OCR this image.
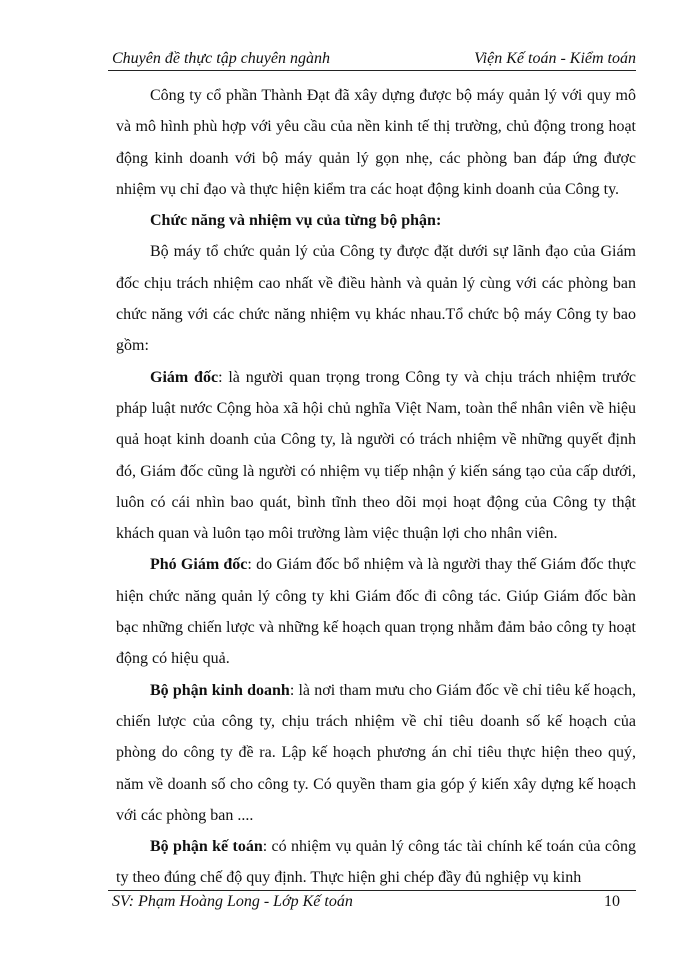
Chuyên đề thực tập chuyên ngành	Viện Kế toán - Kiểm toán

Công ty cổ phần Thành Đạt đã xây dựng được bộ máy quản lý với quy mô và mô hình phù hợp với yêu cầu của nền kinh tế thị trường, chủ động trong hoạt động kinh doanh với bộ máy quản lý gọn nhẹ, các phòng ban đáp ứng được nhiệm vụ chỉ đạo và thực hiện kiểm tra các hoạt động kinh doanh của Công ty.

Chức năng và nhiệm vụ của từng bộ phận:

Bộ máy tổ chức quản lý của Công ty được đặt dưới sự lãnh đạo của Giám đốc chịu trách nhiệm cao nhất về điều hành và quản lý cùng với các phòng ban chức năng với các chức năng nhiệm vụ khác nhau.Tổ chức bộ máy Công ty bao gồm:

Giám đốc: là người quan trọng trong Công ty và chịu trách nhiệm trước pháp luật nước Cộng hòa xã hội chủ nghĩa Việt Nam, toàn thể nhân viên về hiệu quả hoạt kinh doanh của Công ty, là người có trách nhiệm về những quyết định đó, Giám đốc cũng là người có nhiệm vụ tiếp nhận ý kiến sáng tạo của cấp dưới, luôn có cái nhìn bao quát, bình tĩnh theo dõi mọi hoạt động của Công ty thật khách quan và luôn tạo môi trường làm việc thuận lợi cho nhân viên.

Phó Giám đốc: do Giám đốc bổ nhiệm và là người thay thế Giám đốc thực hiện chức năng quản lý công ty khi Giám đốc đi công tác. Giúp Giám đốc bàn bạc những chiến lược và những kế hoạch quan trọng nhằm đảm bảo công ty hoạt động có hiệu quả.

Bộ phận kinh doanh: là nơi tham mưu cho Giám đốc về chỉ tiêu kế hoạch, chiến lược của công ty, chịu trách nhiệm về chỉ tiêu doanh số kế hoạch của phòng do công ty đề ra. Lập kế hoạch phương án chỉ tiêu thực hiện theo quý, năm về doanh số cho công ty. Có quyền tham gia góp ý kiến xây dựng kế hoạch với các phòng ban ....

Bộ phận kế toán: có nhiệm vụ quản lý công tác tài chính kế toán của công ty theo đúng chế độ quy định. Thực hiện ghi chép đầy đủ nghiệp vụ kinh

SV: Phạm Hoàng Long - Lớp Kế toán	10
